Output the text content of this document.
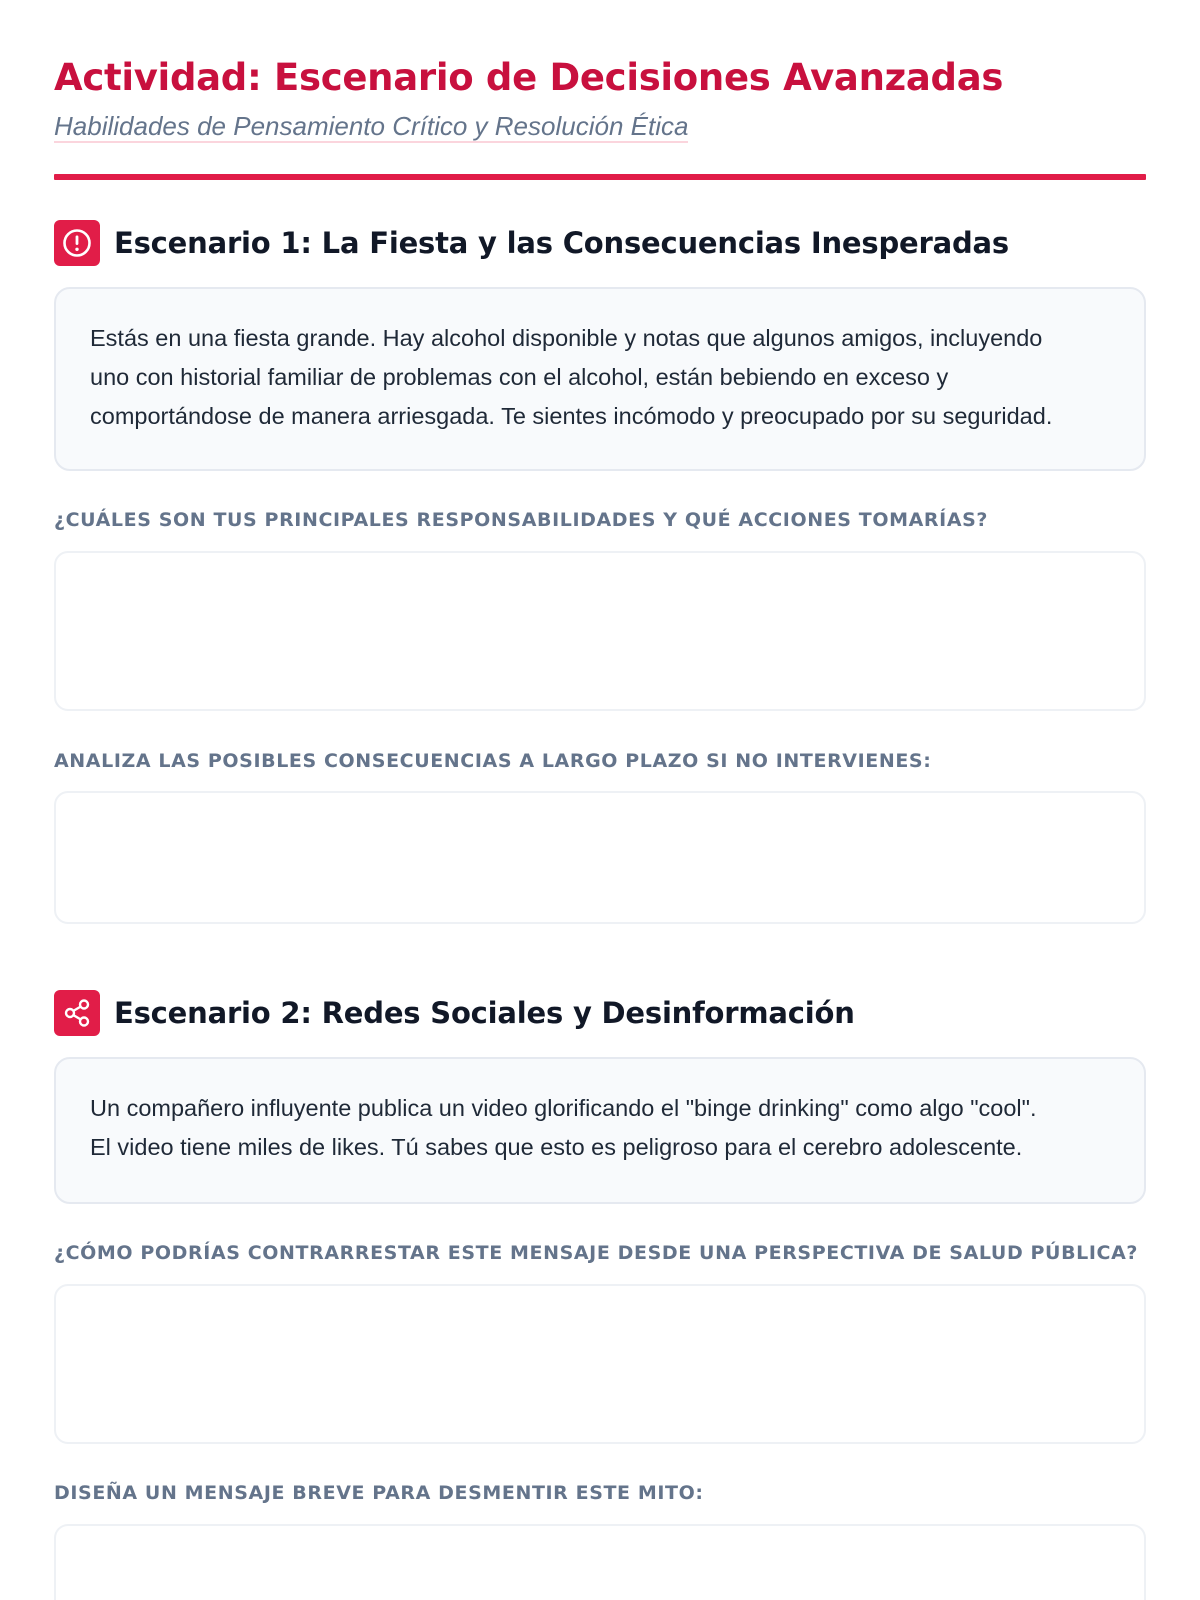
Actividad: Escenario de Decisiones Avanzadas
Habilidades de Pensamiento Crítico y Resolución Ética
Escenario 1: La Fiesta y las Consecuencias Inesperadas
Estás en una fiesta grande. Hay alcohol disponible y notas que algunos amigos, incluyendo
uno con historial familiar de problemas con el alcohol, están bebiendo en exceso y
comportándose de manera arriesgada. Te sientes incómodo y preocupado por su seguridad.
¿CUÁLES SON TUS PRINCIPALES RESPONSABILIDADES Y QUÉ ACCIONES TOMARÍAS?
ANALIZA LAS POSIBLES CONSECUENCIAS A LARGO PLAZO SI NO INTERVIENES:
Escenario 2: Redes Sociales y Desinformación
Un compañero influyente publica un video glorificando el "binge drinking" como algo "cool".
El video tiene miles de likes. Tú sabes que esto es peligroso para el cerebro adolescente.
¿CÓMO PODRÍAS CONTRARRESTAR ESTE MENSAJE DESDE UNA PERSPECTIVA DE SALUD PÚBLICA?
DISEÑA UN MENSAJE BREVE PARA DESMENTIR ESTE MITO:
